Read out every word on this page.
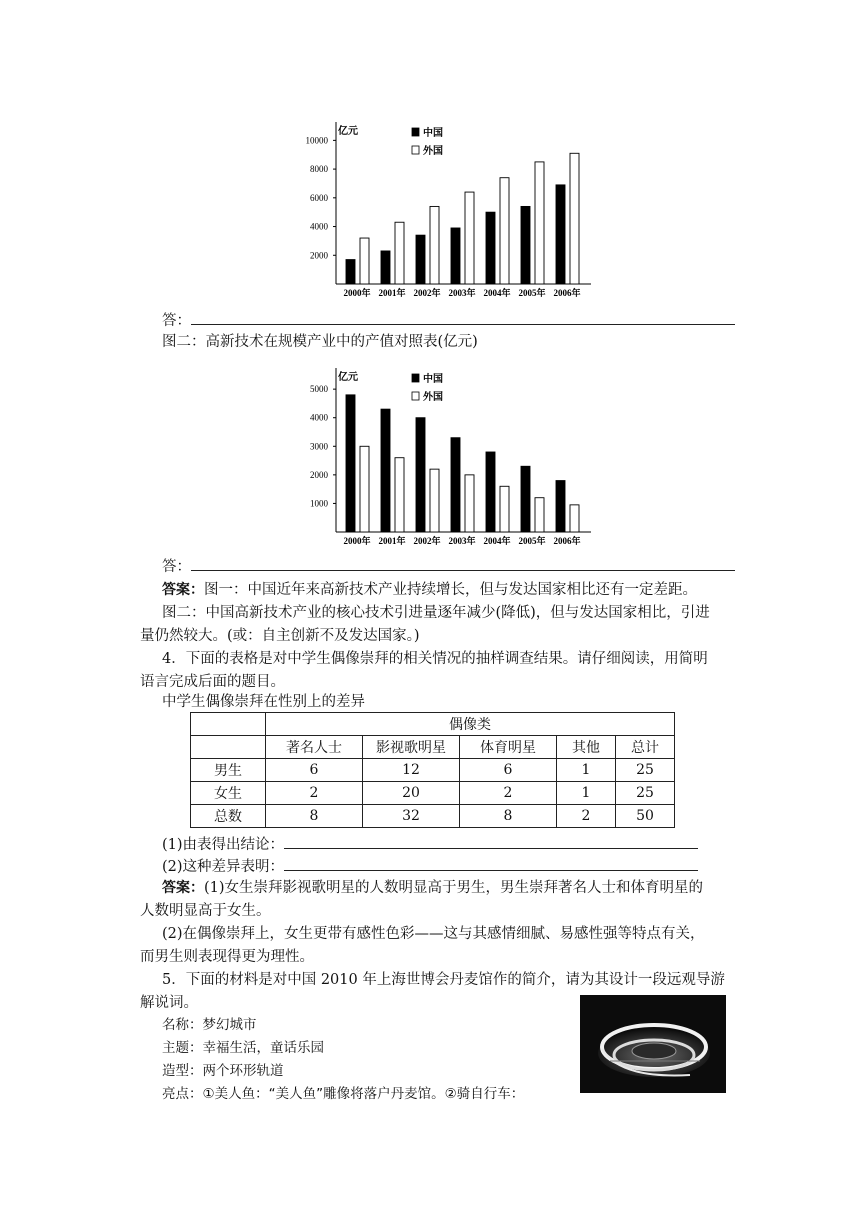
2000
4000
6000
8000
10000
亿元	中国
外国
2000年 2001年 2002年 2003年 2004年 2005年 2006年
答：
图二：高新技术在规模产业中的产值对照表(亿元)
1000
2000
3000
4000
5000
亿元	中国
外国
2000年 2001年 2002年 2003年 2004年 2005年 2006年
答：
答案：图一：中国近年来高新技术产业持续增长，但与发达国家相比还有一定差距。
图二：中国高新技术产业的核心技术引进量逐年减少(降低)，但与发达国家相比，引进
量仍然较大。(或：自主创新不及发达国家。)
4．下面的表格是对中学生偶像崇拜的相关情况的抽样调查结果。请仔细阅读，用简明
语言完成后面的题目。
中学生偶像崇拜在性别上的差异
	偶像类				
	著名人士	影视歌明星	体育明星	其他	总计
男生	6	12	6	1	25
女生	2	20	2	1	25
总数	8	32	8	2	50
(1)由表得出结论：
(2)这种差异表明：
答案：(1)女生崇拜影视歌明星的人数明显高于男生，男生崇拜著名人士和体育明星的
人数明显高于女生。
(2)在偶像崇拜上，女生更带有感性色彩——这与其感情细腻、易感性强等特点有关，
而男生则表现得更为理性。
5．下面的材料是对中国 2010 年上海世博会丹麦馆作的简介，请为其设计一段远观导游
解说词。
名称：梦幻城市
主题：幸福生活，童话乐园
造型：两个环形轨道
亮点：①美人鱼：“美人鱼”雕像将落户丹麦馆。②骑自行车：
